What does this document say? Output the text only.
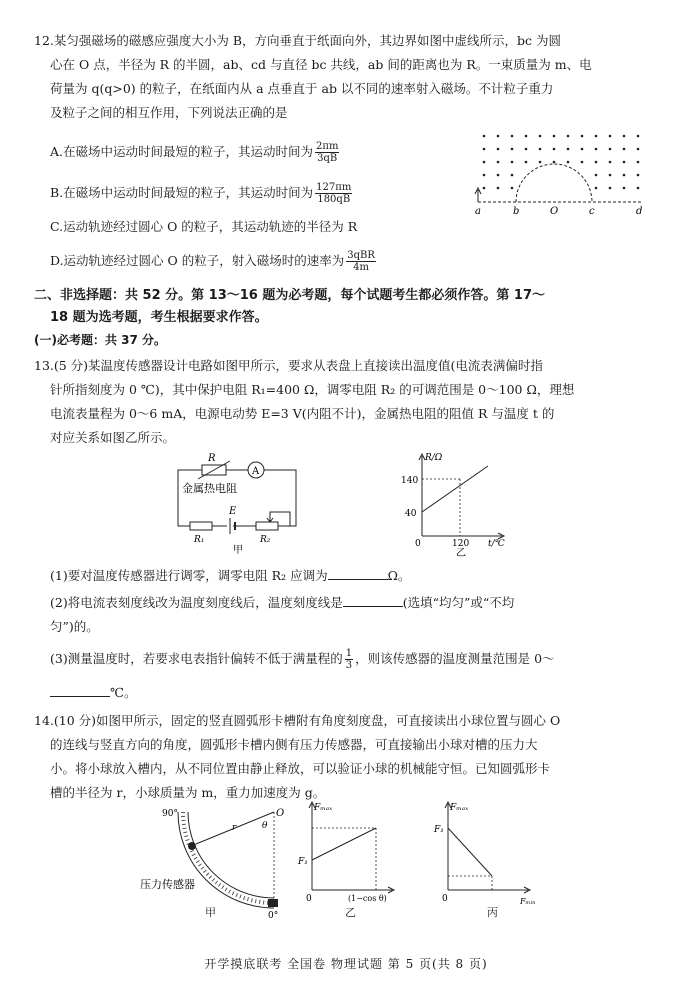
12.某匀强磁场的磁感应强度大小为 B，方向垂直于纸面向外，其边界如图中虚线所示，bc 为圆
心在 O 点，半径为 R 的半圆，ab、cd 与直径 bc 共线，ab 间的距离也为 R。一束质量为 m、电
荷量为 q(q>0) 的粒子，在纸面内从 a 点垂直于 ab 以不同的速率射入磁场。不计粒子重力
及粒子之间的相互作用，下列说法正确的是
A.在磁场中运动时间最短的粒子，其运动时间为 $\frac{2\pi m}{3qB}$
B.在磁场中运动时间最短的粒子，其运动时间为 $\frac{127\pi m}{180qB}$
C.运动轨迹经过圆心 O 的粒子，其运动轨迹的半径为 R
D.运动轨迹经过圆心 O 的粒子，射入磁场时的速率为 $\frac{\text{3qBR}}{4m}$
a	b	O	c	d
二、非选择题：共 52 分。第 13～16 题为必考题，每个试题考生都必须作答。第 17～
18 题为选考题，考生根据要求作答。
(一)必考题：共 37 分。
13.(5 分)某温度传感器设计电路如图甲所示，要求从表盘上直接读出温度值(电流表满偏时指
针所指刻度为 0 ℃)，其中保护电阻 R₁=400 Ω，调零电阻 R₂ 的可调范围是 0～100 Ω，理想
电流表量程为 0～6 mA，电源电动势 E=3 V(内阻不计)，金属热电阻的阻值 R 与温度 t 的
对应关系如图乙所示。
R
A
金属热电阻
R₁
E
R₂
甲
R/Ω
140
40
120
0	t/℃
乙
(1)要对温度传感器进行调零，调零电阻 R₂ 应调为	Ω。
(2)将电流表刻度线改为温度刻度线后，温度刻度线是	(选填“均匀”或“不均
匀”)的。
(3)测量温度时，若要求电表指针偏转不低于满量程的 $\frac{1}{3}$ ，则该传感器的温度测量范围是 0～
℃。
14.(10 分)如图甲所示，固定的竖直圆弧形卡槽附有角度刻度盘，可直接读出小球位置与圆心 O
的连线与竖直方向的角度，圆弧形卡槽内侧有压力传感器，可直接输出小球对槽的压力大
小。将小球放入槽内，从不同位置由静止释放，可以验证小球的机械能守恒。已知圆弧形卡
槽的半径为 r，小球质量为 m，重力加速度为 g。
90°
0°
O
θ
r
压力传感器
甲
Fₘₐₓ
F₁
0	(1−cos θ)
乙
Fₘₐₓ
F₁
0	Fₘᵢₙ
丙
开学摸底联考 全国卷 物理试题 第 5 页(共 8 页)
